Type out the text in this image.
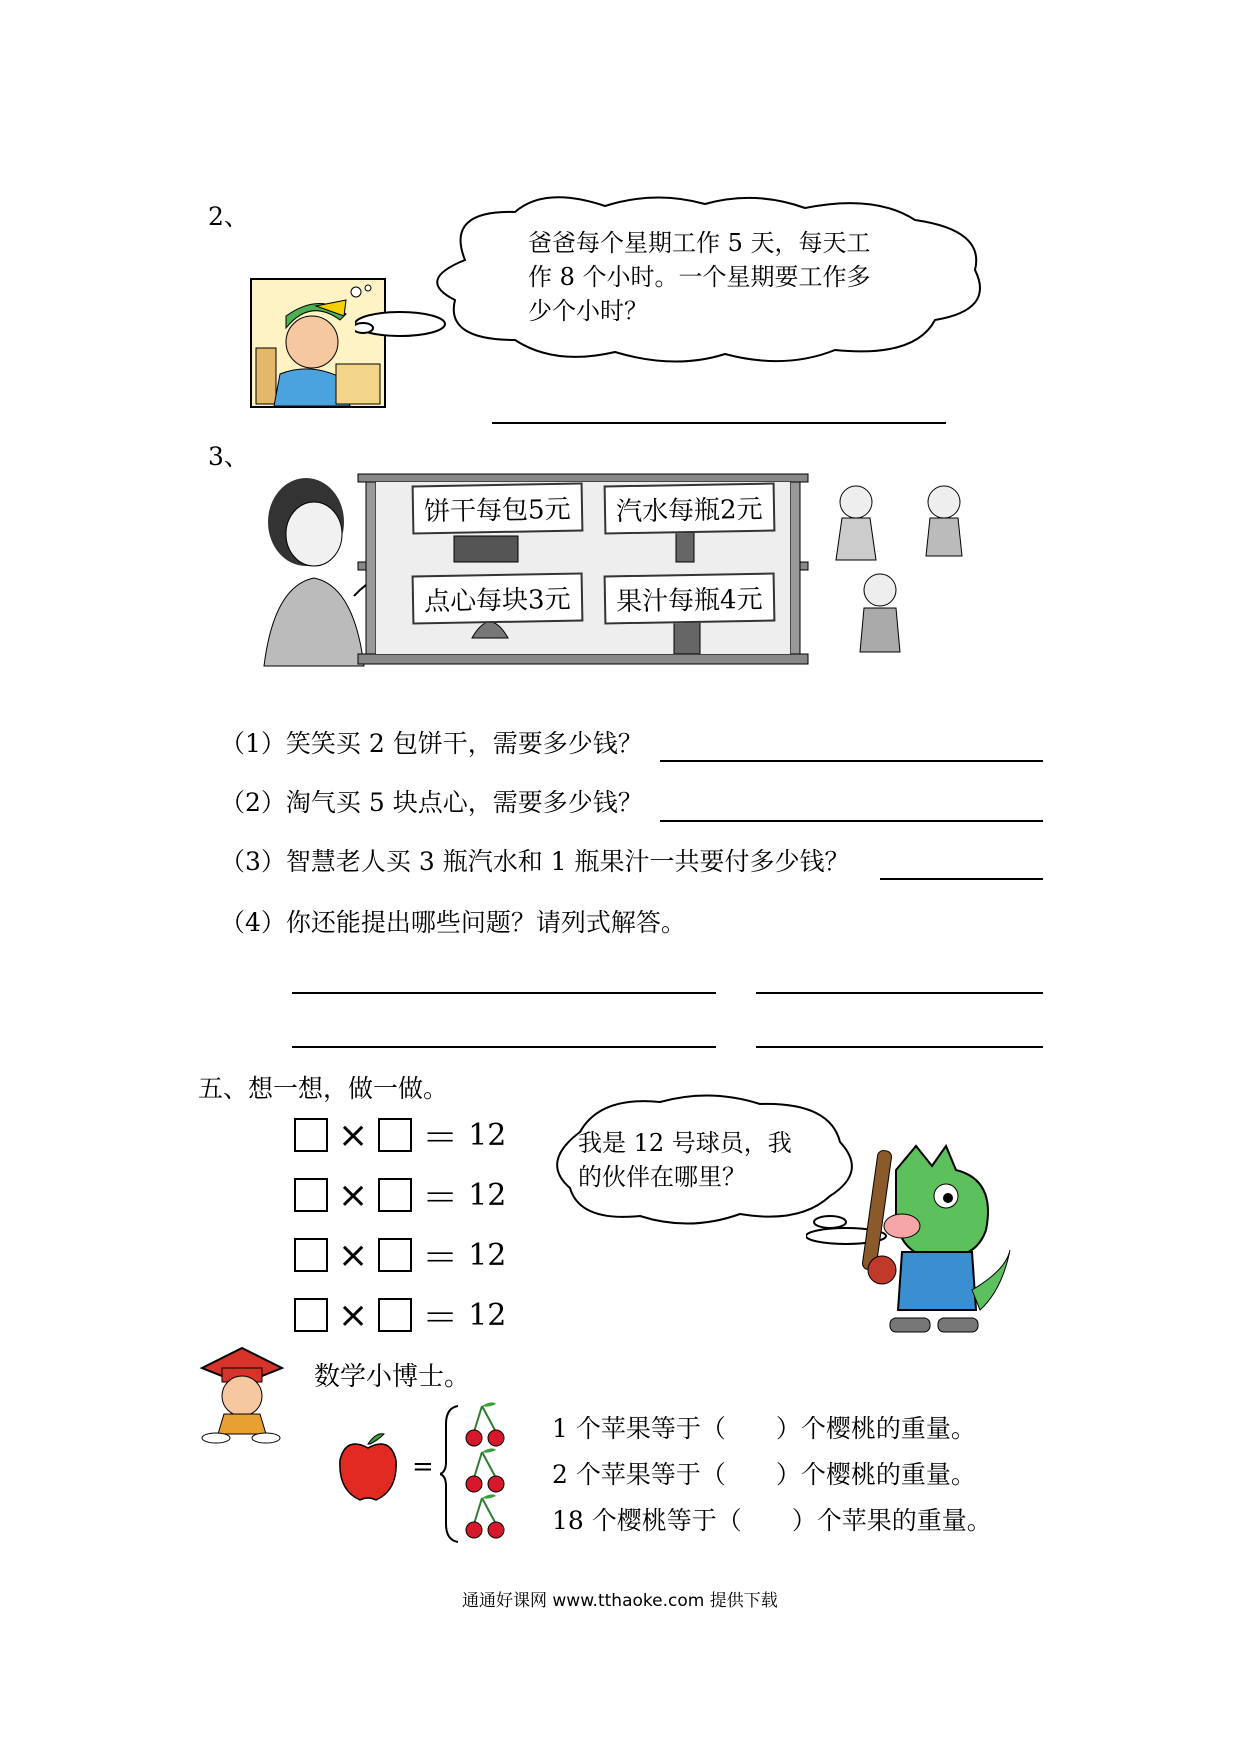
2、
爸爸每个星期工作 5 天，每天工
作 8 个小时。一个星期要工作多
少个小时？
3、
饼干每包5元	汽水每瓶2元
点心每块3元	果汁每瓶4元
（1）笑笑买 2 包饼干，需要多少钱？
（2）淘气买 5 块点心，需要多少钱？
（3）智慧老人买 3 瓶汽水和 1 瓶果汁一共要付多少钱？
（4）你还能提出哪些问题？请列式解答。
五、想一想，做一做。
× ＝ 12
× ＝ 12
× ＝ 12
× ＝ 12
我是 12 号球员，我
的伙伴在哪里？
数学小博士。
=
1 个苹果等于（　　）个樱桃的重量。
2 个苹果等于（　　）个樱桃的重量。
18 个樱桃等于（　　）个苹果的重量。
通通好课网 www.tthaoke.com 提供下载
